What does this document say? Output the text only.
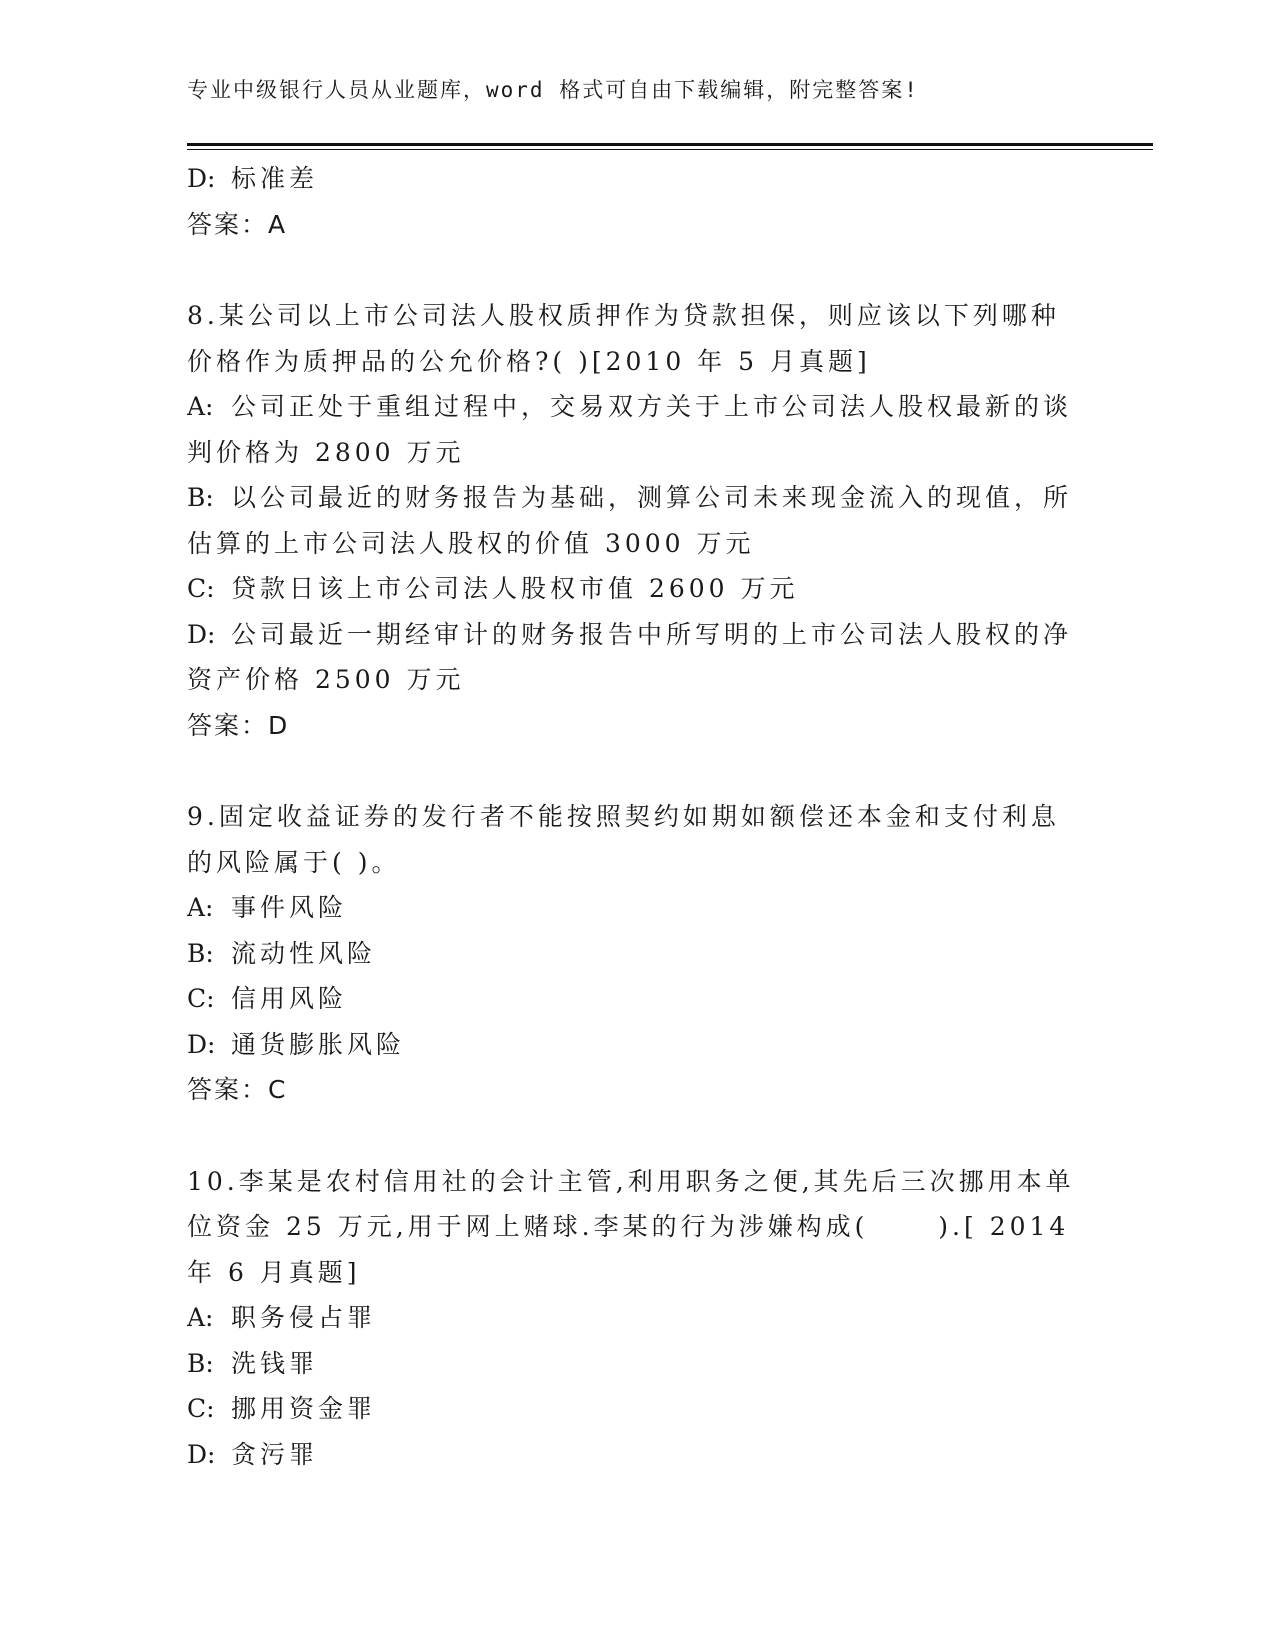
专业中级银行人员从业题库，word 格式可自由下载编辑，附完整答案!
D: 标准差
答案：A
8.某公司以上市公司法人股权质押作为贷款担保，则应该以下列哪种
价格作为质押品的公允价格?( )[2010 年 5 月真题]
A: 公司正处于重组过程中，交易双方关于上市公司法人股权最新的谈
判价格为 2800 万元
B: 以公司最近的财务报告为基础，测算公司未来现金流入的现值，所
估算的上市公司法人股权的价值 3000 万元
C: 贷款日该上市公司法人股权市值 2600 万元
D: 公司最近一期经审计的财务报告中所写明的上市公司法人股权的净
资产价格 2500 万元
答案：D
9.固定收益证券的发行者不能按照契约如期如额偿还本金和支付利息
的风险属于( )。
A: 事件风险
B: 流动性风险
C: 信用风险
D: 通货膨胀风险
答案：C
10.李某是农村信用社的会计主管,利用职务之便,其先后三次挪用本单
位资金 25 万元,用于网上赌球.李某的行为涉嫌构成(　　 ).[ 2014
年 6 月真题]
A: 职务侵占罪
B: 洗钱罪
C: 挪用资金罪
D: 贪污罪
